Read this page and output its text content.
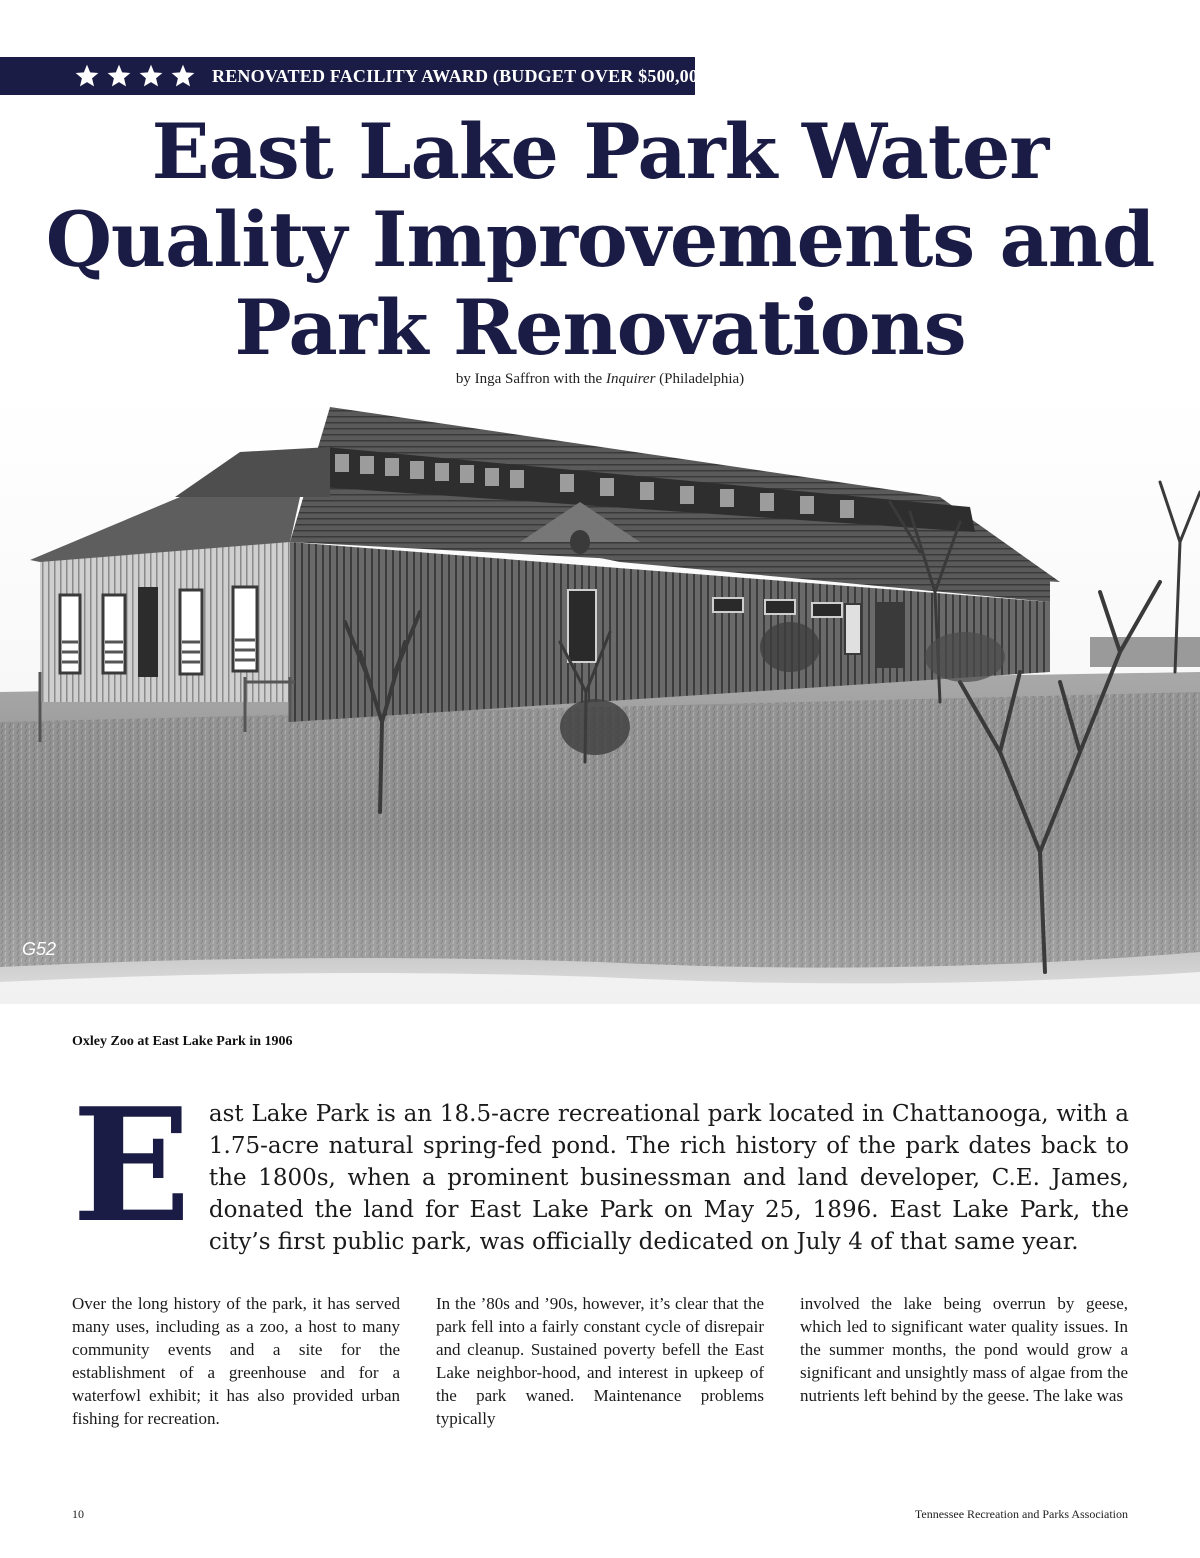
RENOVATED FACILITY AWARD (BUDGET OVER $500,00)
East Lake Park Water
Quality Improvements and
Park Renovations
by Inga Saffron with the Inquirer (Philadelphia)
G52
Oxley Zoo at East Lake Park in 1906

East Lake Park is an 18.5-acre recreational park located in Chattanooga, with a 1.75-acre natural spring-fed pond. The rich history of the park dates back to the 1800s, when a prominent businessman and land developer, C.E. James, donated the land for East Lake Park on May 25, 1896. East Lake Park, the city’s first public park, was officially dedicated on July 4 of that same year.

Over the long history of the park, it has served many uses, including as a zoo, a host to many community events and a site for the establishment of a greenhouse and for a waterfowl exhibit; it has also provided urban fishing for recreation.

In the ’80s and ’90s, however, it’s clear that the park fell into a fairly constant cycle of disrepair and cleanup. Sustained poverty befell the East Lake neighbor-hood, and interest in upkeep of the park waned. Maintenance problems typically

involved the lake being overrun by geese, which led to significant water quality issues. In the summer months, the pond would grow a significant and unsightly mass of algae from the nutrients left behind by the geese. The lake was

10	Tennessee Recreation and Parks Association
